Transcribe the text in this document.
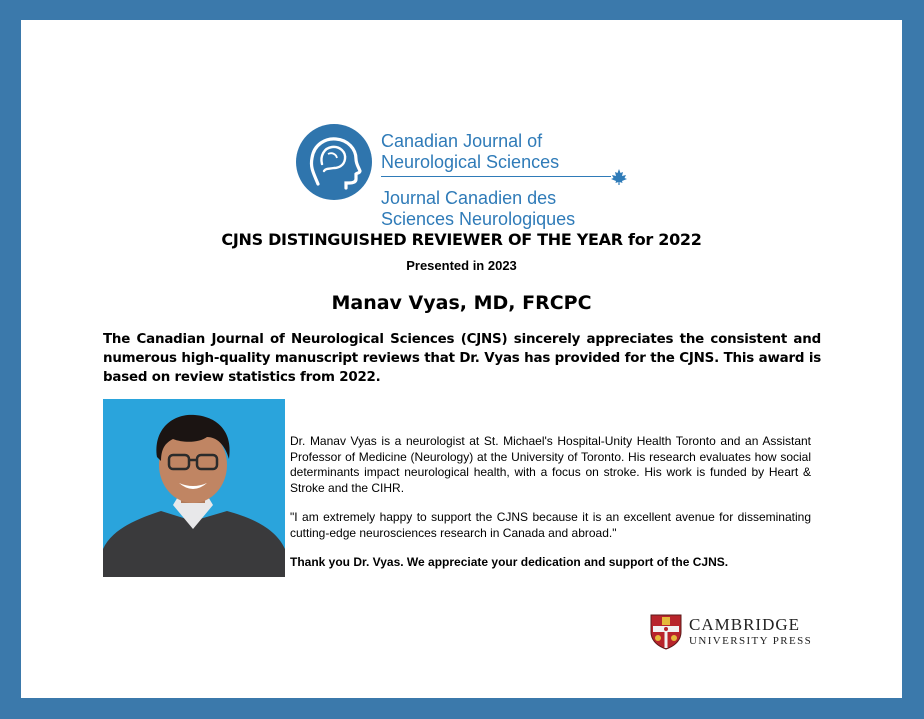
Canadian Journal of
Neurological Sciences
Journal Canadien des
Sciences Neurologiques
CJNS DISTINGUISHED REVIEWER OF THE YEAR for 2022
Presented in 2023
Manav Vyas, MD, FRCPC
The Canadian Journal of Neurological Sciences (CJNS) sincerely appreciates the consistent and numerous high-quality manuscript reviews that Dr. Vyas has provided for the CJNS. This award is based on review statistics from 2022.

Dr. Manav Vyas is a neurologist at St. Michael's Hospital-Unity Health Toronto and an Assistant Professor of Medicine (Neurology) at the University of Toronto. His research evaluates how social determinants impact neurological health, with a focus on stroke. His work is funded by Heart & Stroke and the CIHR.

"I am extremely happy to support the CJNS because it is an excellent avenue for disseminating cutting-edge neurosciences research in Canada and abroad."

Thank you Dr. Vyas. We appreciate your dedication and support of the CJNS.

CAMBRIDGE
UNIVERSITY PRESS
